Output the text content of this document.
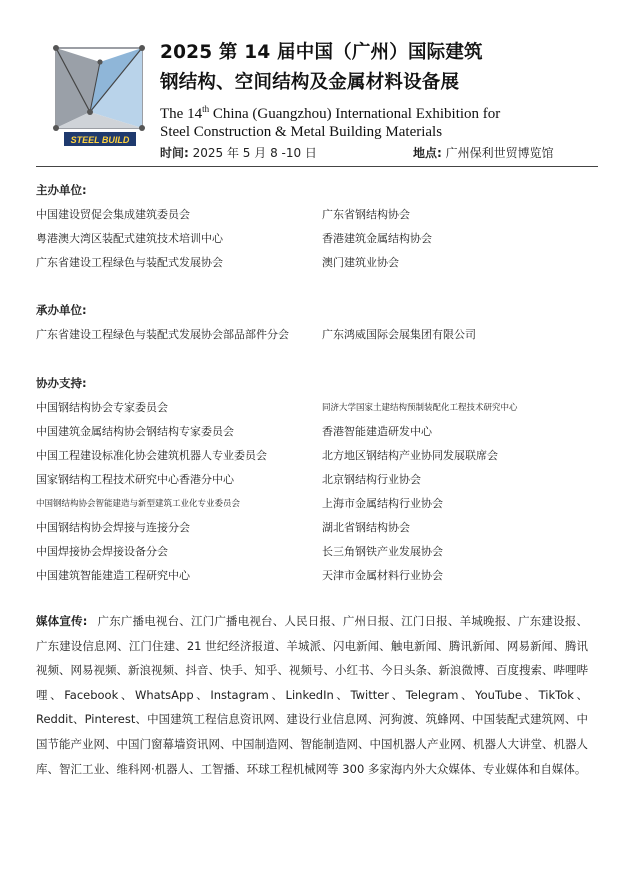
STEEL BUILD
2025 第 14 届中国（广州）国际建筑
钢结构、空间结构及金属材料设备展
The 14th China (Guangzhou) International Exhibition for
Steel Construction & Metal Building Materials
时间: 2025 年 5 月 8 -10 日	地点: 广州保利世贸博览馆
主办单位:
中国建设贸促会集成建筑委员会	广东省钢结构协会
粤港澳大湾区装配式建筑技术培训中心	香港建筑金属结构协会
广东省建设工程绿色与装配式发展协会	澳门建筑业协会
承办单位:
广东省建设工程绿色与装配式发展协会部品部件分会	广东鸿威国际会展集团有限公司
协办支持:
中国钢结构协会专家委员会	同济大学国家土建结构预制装配化工程技术研究中心
中国建筑金属结构协会钢结构专家委员会	香港智能建造研发中心
中国工程建设标准化协会建筑机器人专业委员会	北方地区钢结构产业协同发展联席会
国家钢结构工程技术研究中心香港分中心	北京钢结构行业协会
中国钢结构协会智能建造与新型建筑工业化专业委员会	上海市金属结构行业协会
中国钢结构协会焊接与连接分会	湖北省钢结构协会
中国焊接协会焊接设备分会	长三角钢铁产业发展协会
中国建筑智能建造工程研究中心	天津市金属材料行业协会
媒体宣传: 广东广播电视台、江门广播电视台、人民日报、广州日报、江门日报、羊城晚报、广东建设报、广东建设信息网、江门住建、21 世纪经济报道、羊城派、闪电新闻、触电新闻、腾讯新闻、网易新闻、腾讯视频、网易视频、新浪视频、抖音、快手、知乎、视频号、小红书、今日头条、新浪微博、百度搜索、哔哩哔哩、Facebook、WhatsApp、Instagram、LinkedIn、Twitter、Telegram、YouTube、TikTok、Reddit、Pinterest、中国建筑工程信息资讯网、建设行业信息网、河狗渡、筑蜂网、中国装配式建筑网、中国节能产业网、中国门窗幕墙资讯网、中国制造网、智能制造网、中国机器人产业网、机器人大讲堂、机器人库、智汇工业、维科网·机器人、工智播、环球工程机械网等 300 多家海内外大众媒体、专业媒体和自媒体。
